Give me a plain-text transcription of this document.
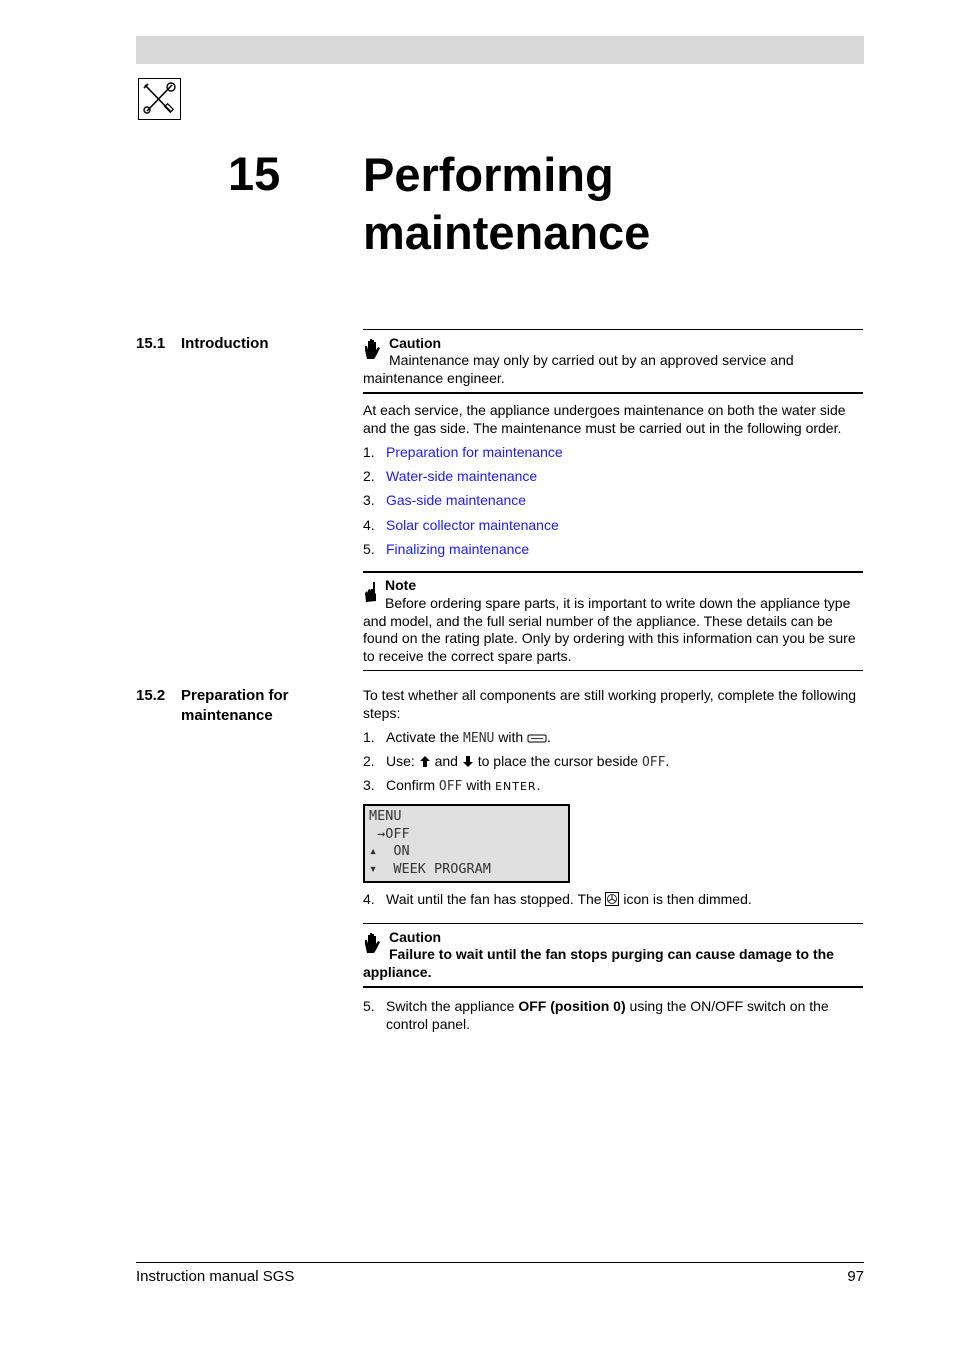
15 Performing
maintenance
15.1 Introduction	Caution
Maintenance may only by carried out by an approved service and maintenance engineer.
At each service, the appliance undergoes maintenance on both the water side and the gas side. The maintenance must be carried out in the following order.
1. Preparation for maintenance
2. Water-side maintenance
3. Gas-side maintenance
4. Solar collector maintenance
5. Finalizing maintenance
Note
Before ordering spare parts, it is important to write down the appliance type and model, and the full serial number of the appliance. These details can be found on the rating plate. Only by ordering with this information can you be sure to receive the correct spare parts.
15.2 Preparation for maintenance
To test whether all components are still working properly, complete the following steps:
1. Activate the MENU with .
2. Use:  and  to place the cursor beside OFF.
3. Confirm OFF with ENTER.
MENU
→OFF
▴  ON
▾  WEEK PROGRAM
4. Wait until the fan has stopped. The  icon is then dimmed.
Caution
Failure to wait until the fan stops purging can cause damage to the appliance.
5. Switch the appliance OFF (position 0) using the ON/OFF switch on the
control panel.
Instruction manual SGS	97
